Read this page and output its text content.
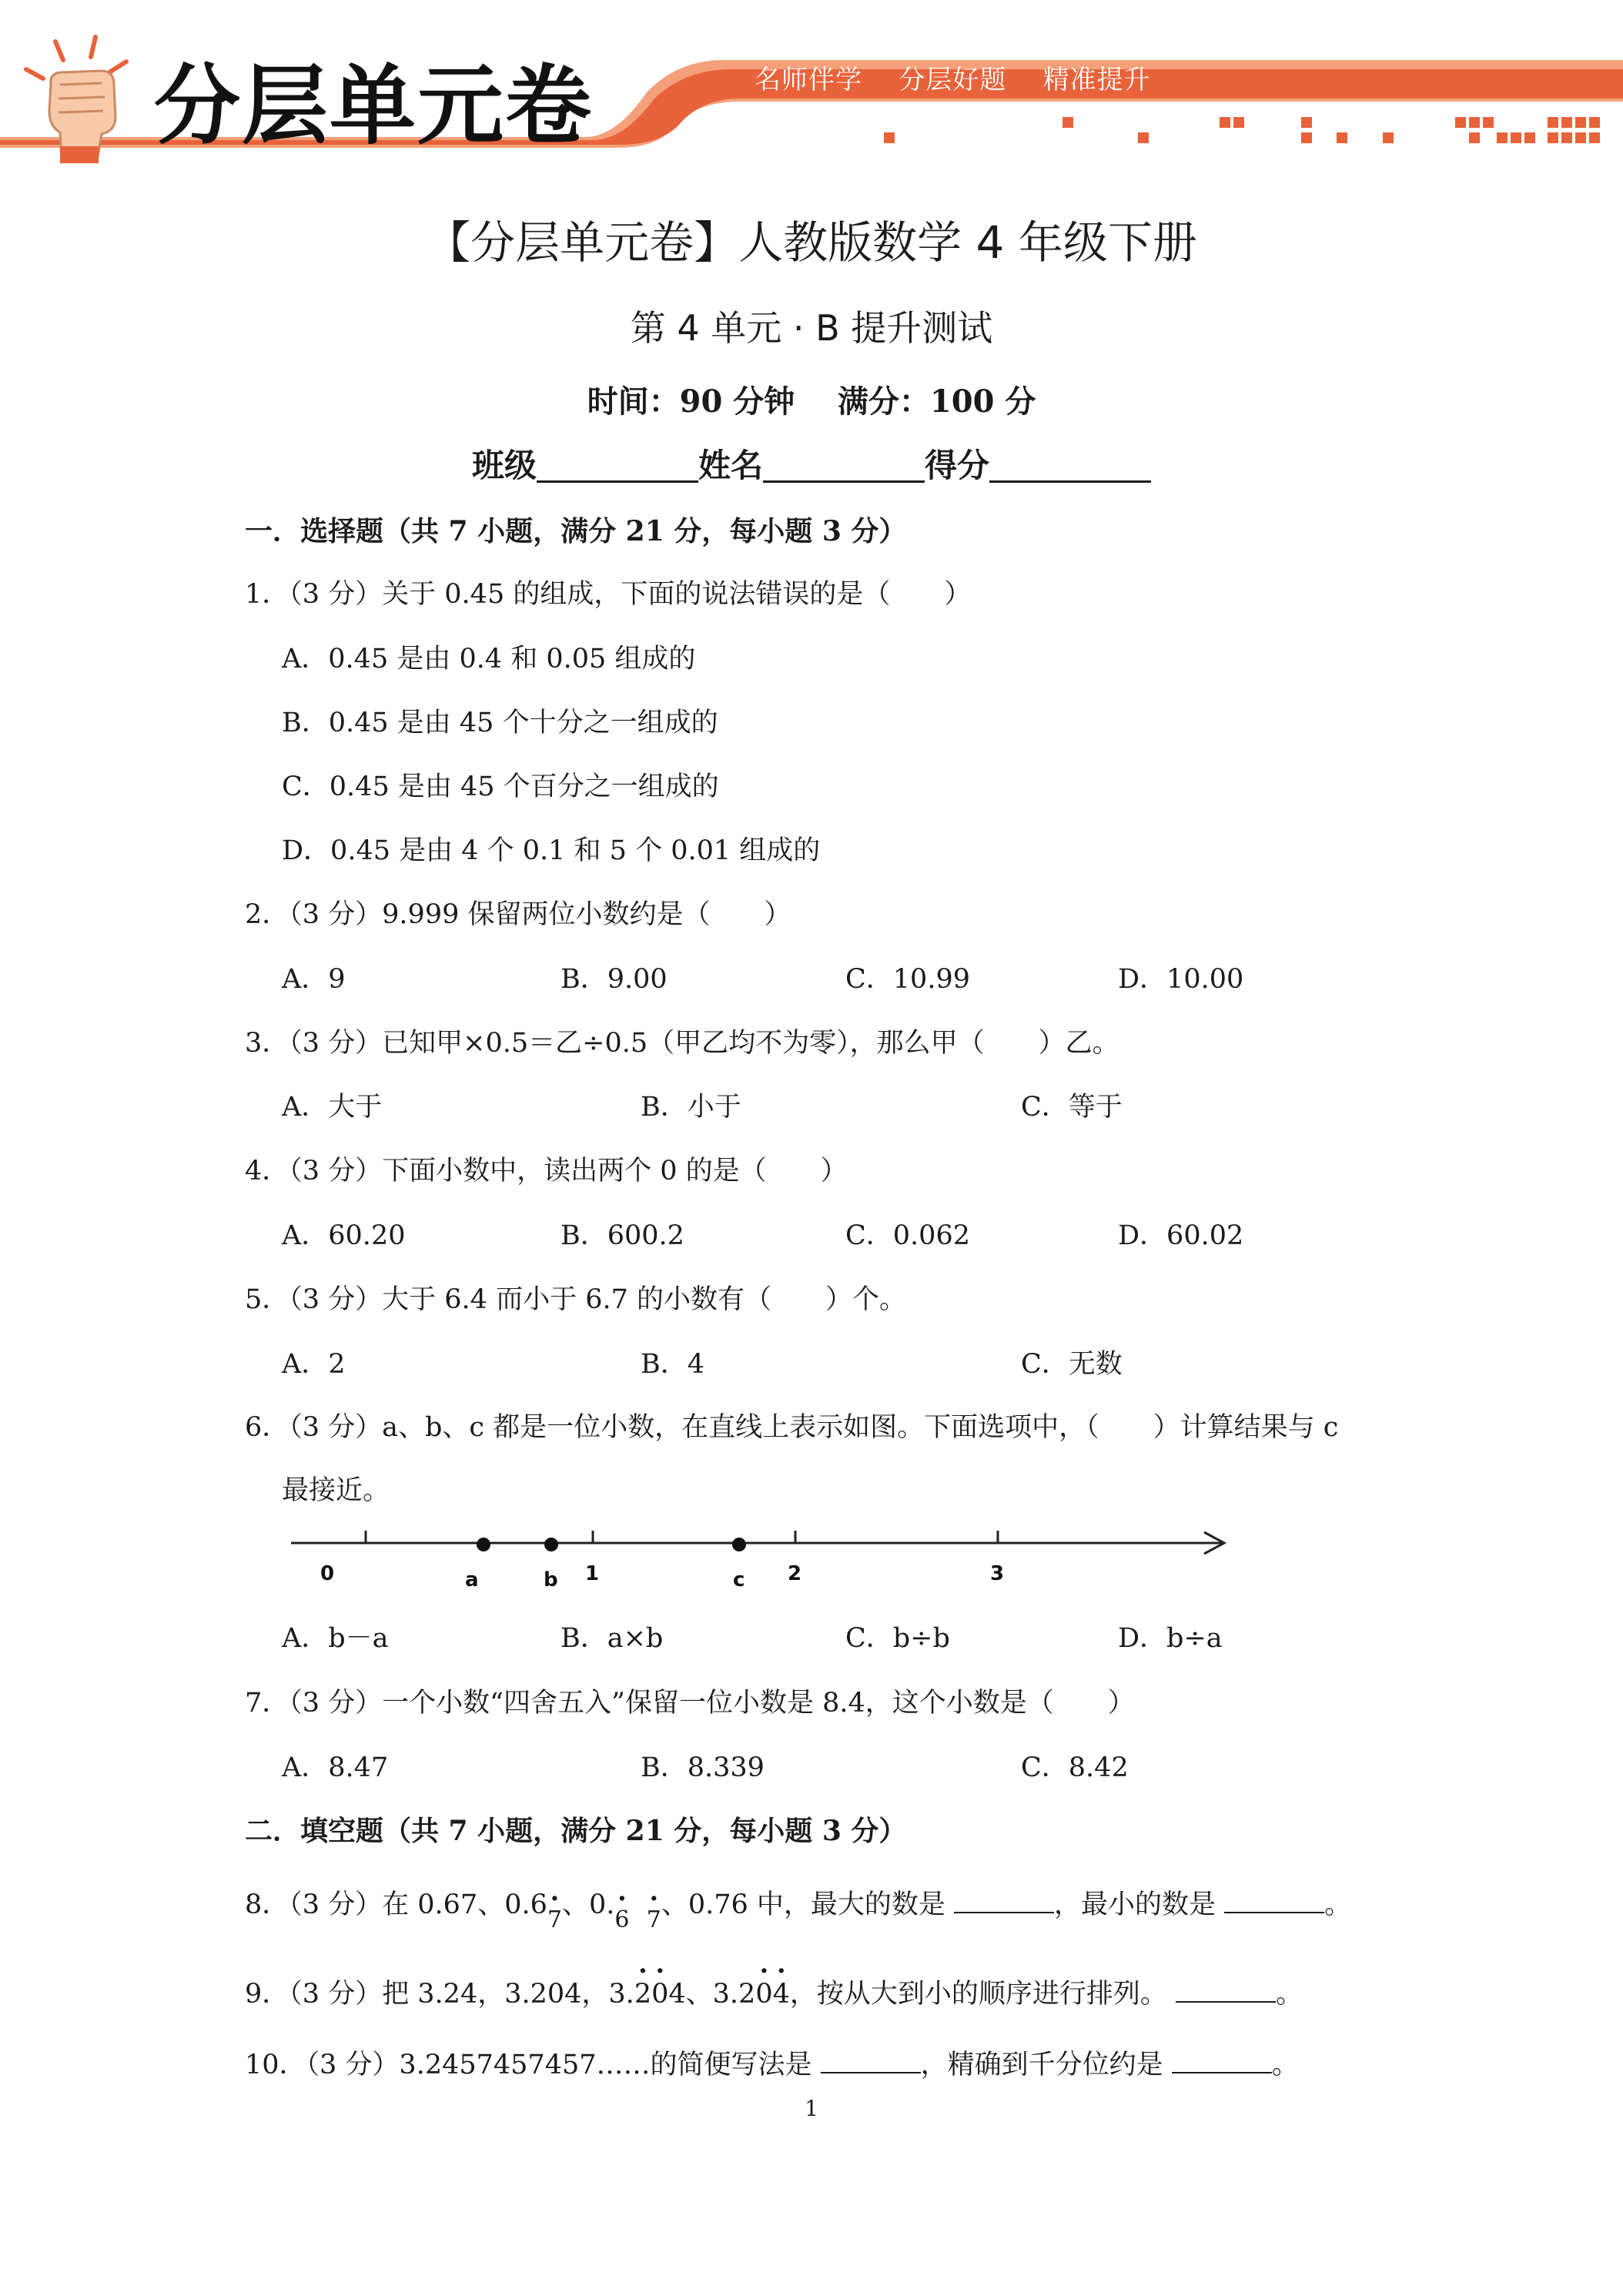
分层单元卷	名师伴学    分层好题    精准提升
【分层单元卷】人教版数学 4 年级下册
第 4 单元 · B 提升测试
时间：90 分钟    满分：100 分
班级	姓名	得分
一．选择题（共 7 小题，满分 21 分，每小题 3 分）
1．（3 分）关于 0.45 的组成，下面的说法错误的是（　　）
A．0.45 是由 0.4 和 0.05 组成的
B．0.45 是由 45 个十分之一组成的
C．0.45 是由 45 个百分之一组成的
D．0.45 是由 4 个 0.1 和 5 个 0.01 组成的
2．（3 分）9.999 保留两位小数约是（　　）
A．9	B．9.00	C．10.99	D．10.00
3．（3 分）已知甲×0.5＝乙÷0.5（甲乙均不为零），那么甲（　　）乙。
A．大于	B．小于	C．等于
4．（3 分）下面小数中，读出两个 0 的是（　　）
A．60.20	B．600.2	C．0.062	D．60.02
5．（3 分）大于 6.4 而小于 6.7 的小数有（　　）个。
A．2	B．4	C．无数
6．（3 分）a、b、c 都是一位小数，在直线上表示如图。下面选项中，（　　）计算结果与 c
最接近。
0	1	2	3
a	b	c
A．b－a	B．a×b	C．b÷b	D．b÷a
7．（3 分）一个小数“四舍五入”保留一位小数是 8.4，这个小数是（　　）
A．8.47	B．8.339	C．8.42
二．填空题（共 7 小题，满分 21 分，每小题 3 分）
8．（3 分）在 0.67、0.6· 7、0.· 6  · 7、0.76 中，最大的数是	，最小的数是	。
9．（3 分）把 3.24，3.204，3.· 2· 04、3.2· 0· 4，按从大到小的顺序进行排列。	。
10．（3 分）3.2457457457……的简便写法是	，精确到千分位约是	。
1
